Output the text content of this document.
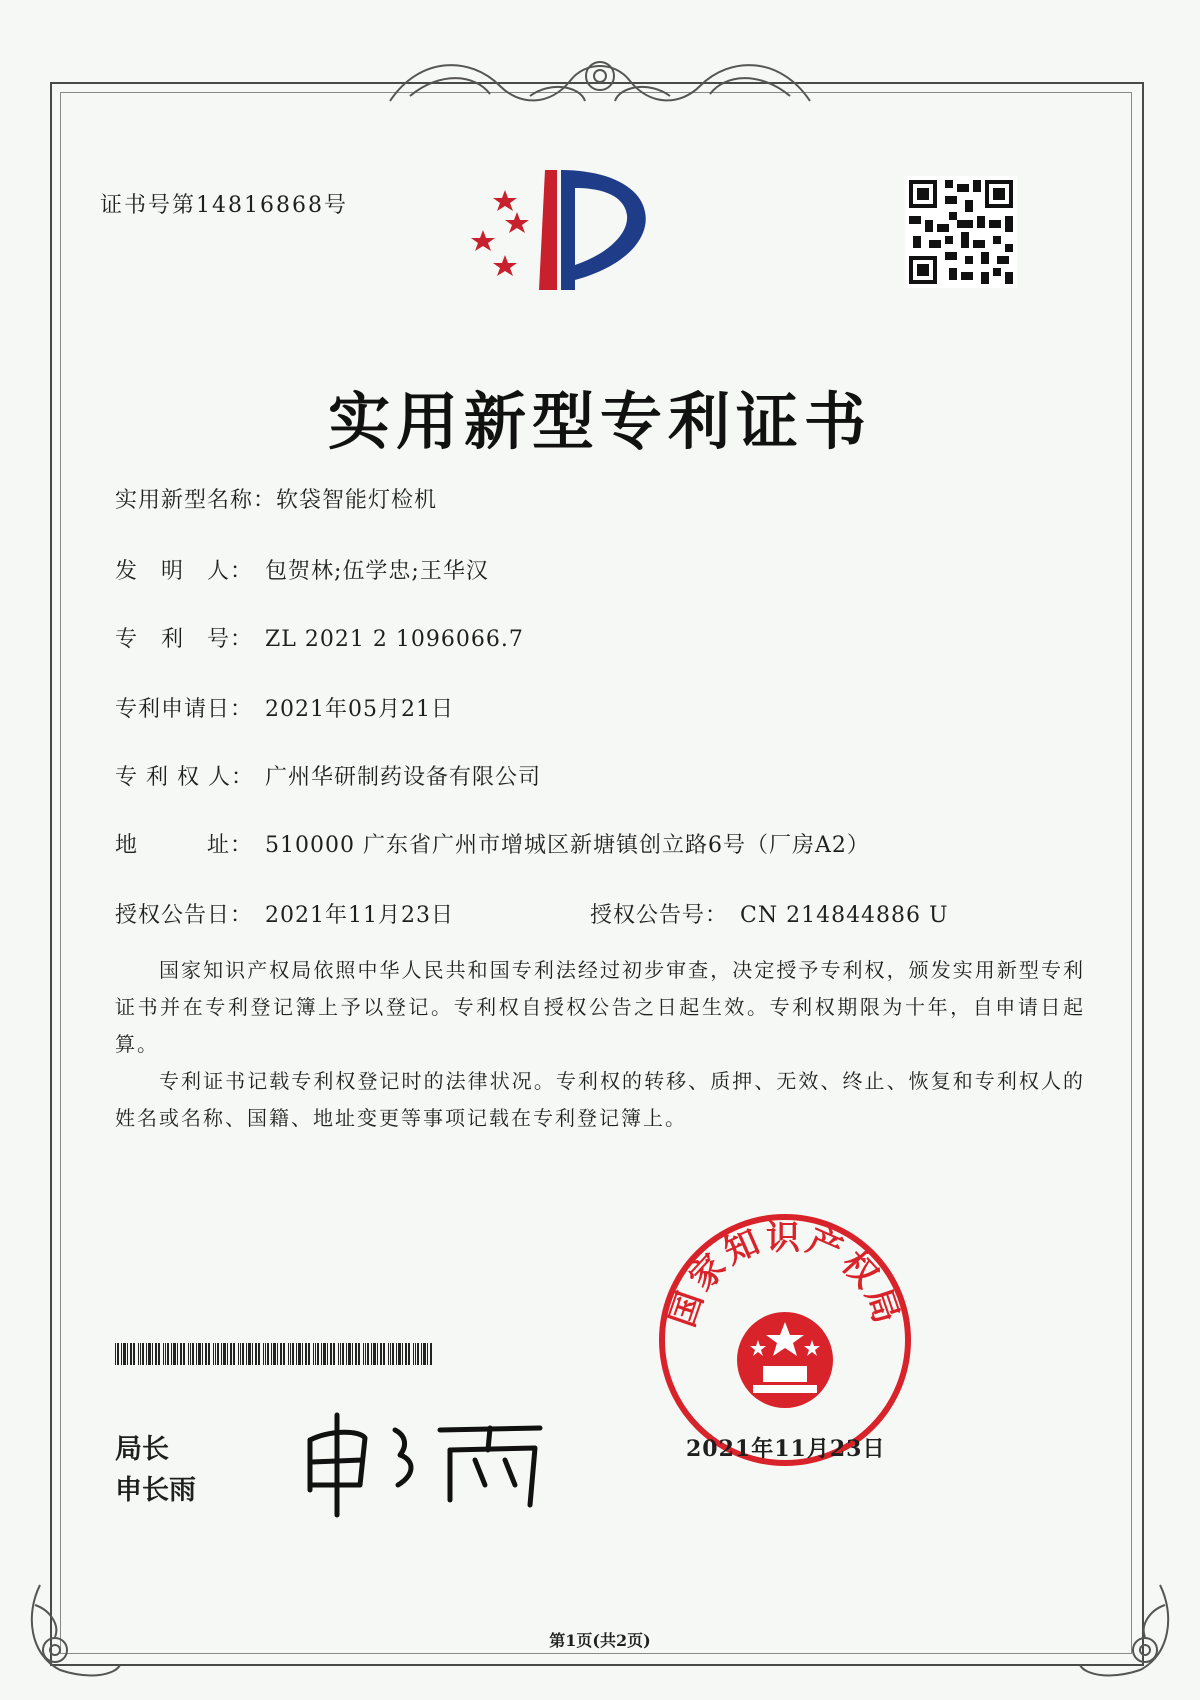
证书号第14816868号
实用新型专利证书
实用新型名称：软袋智能灯检机
发　明　人： 包贺林;伍学忠;王华汉
专　利　号： ZL 2021 2 1096066.7
专利申请日： 2021年05月21日
专 利 权 人： 广州华研制药设备有限公司
地　　　址： 510000 广东省广州市增城区新塘镇创立路6号（厂房A2）
授权公告日： 2021年11月23日	授权公告号： CN 214844886 U

国家知识产权局依照中华人民共和国专利法经过初步审查，决定授予专利权，颁发实用新型专利证书并在专利登记簿上予以登记。专利权自授权公告之日起生效。专利权期限为十年，自申请日起算。

专利证书记载专利权登记时的法律状况。专利权的转移、质押、无效、终止、恢复和专利权人的姓名或名称、国籍、地址变更等事项记载在专利登记簿上。

局长
申长雨
国家知识产权局
2021年11月23日
第1页(共2页)
